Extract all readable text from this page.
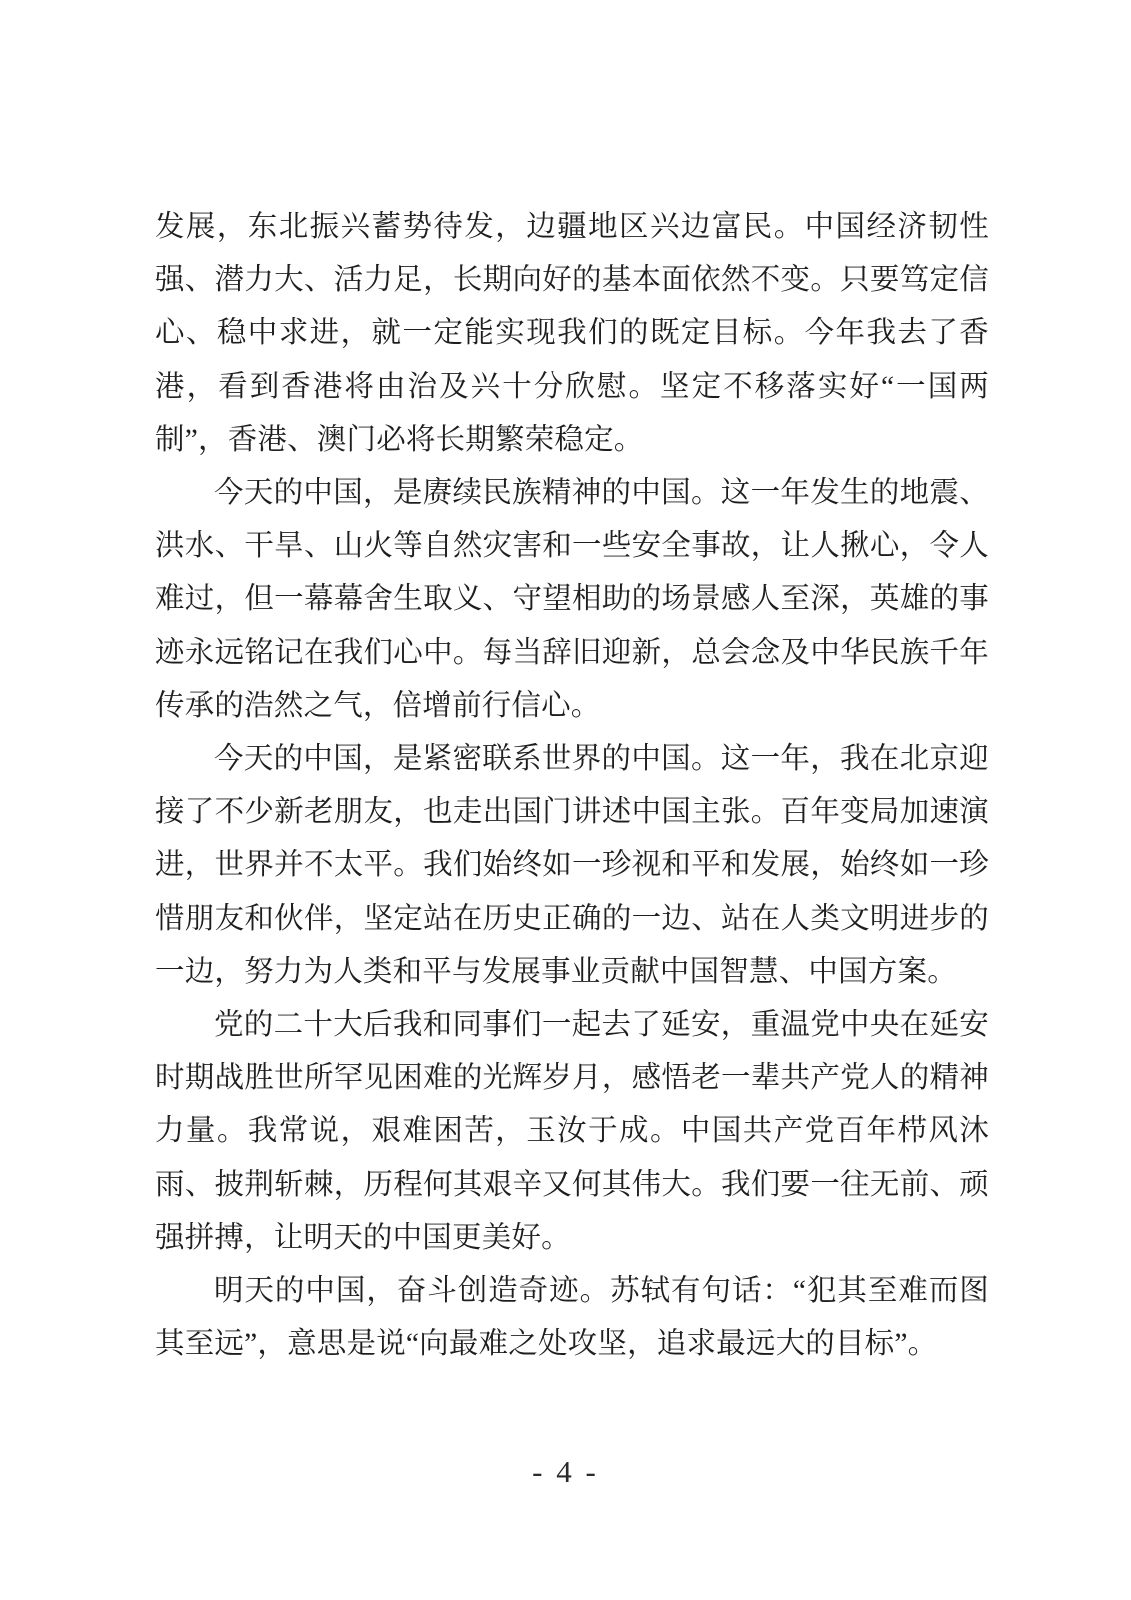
发展，东北振兴蓄势待发，边疆地区兴边富民。中国经济韧性强、潜力大、活力足，长期向好的基本面依然不变。只要笃定信心、稳中求进，就一定能实现我们的既定目标。今年我去了香港，看到香港将由治及兴十分欣慰。坚定不移落实好“一国两制”，香港、澳门必将长期繁荣稳定。

今天的中国，是赓续民族精神的中国。这一年发生的地震、洪水、干旱、山火等自然灾害和一些安全事故，让人揪心，令人难过，但一幕幕舍生取义、守望相助的场景感人至深，英雄的事迹永远铭记在我们心中。每当辞旧迎新，总会念及中华民族千年传承的浩然之气，倍增前行信心。

今天的中国，是紧密联系世界的中国。这一年，我在北京迎接了不少新老朋友，也走出国门讲述中国主张。百年变局加速演进，世界并不太平。我们始终如一珍视和平和发展，始终如一珍惜朋友和伙伴，坚定站在历史正确的一边、站在人类文明进步的一边，努力为人类和平与发展事业贡献中国智慧、中国方案。

党的二十大后我和同事们一起去了延安，重温党中央在延安时期战胜世所罕见困难的光辉岁月，感悟老一辈共产党人的精神力量。我常说，艰难困苦，玉汝于成。中国共产党百年栉风沐雨、披荆斩棘，历程何其艰辛又何其伟大。我们要一往无前、顽强拼搏，让明天的中国更美好。

明天的中国，奋斗创造奇迹。苏轼有句话：“犯其至难而图其至远”，意思是说“向最难之处攻坚，追求最远大的目标”。

- 4 -
